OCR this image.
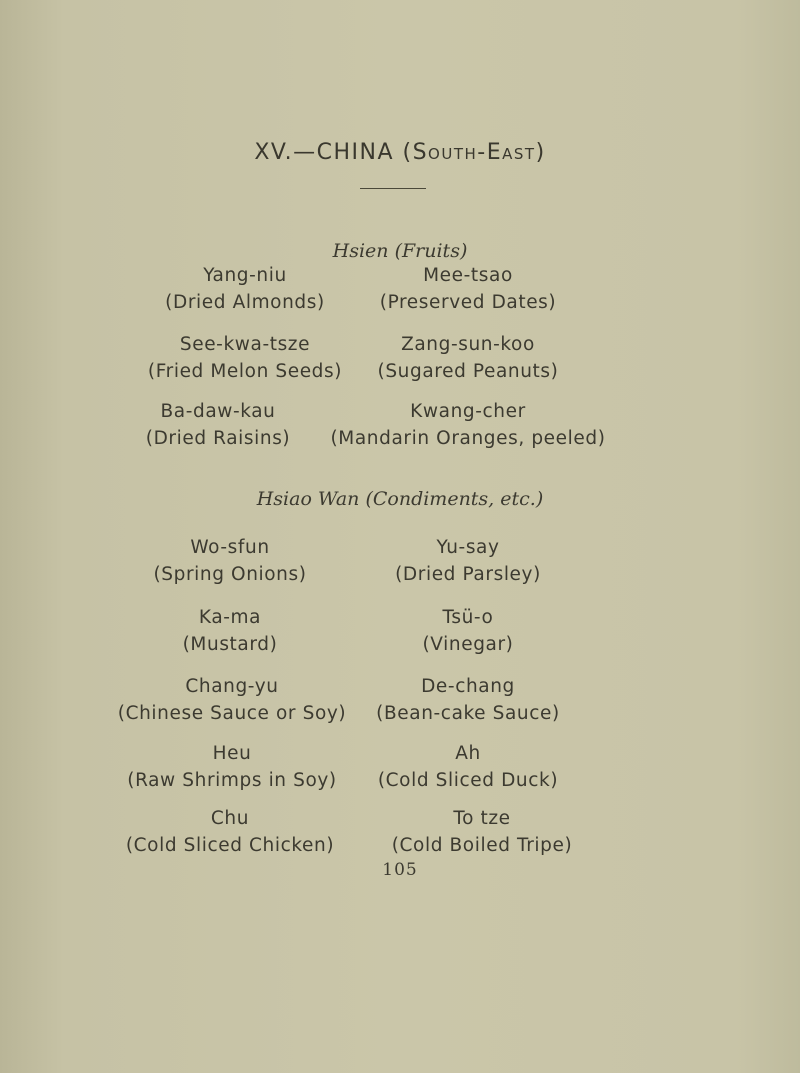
XV.—CHINA (South-East)
Hsien (Fruits)
Yang-niu
(Dried Almonds)
Mee-tsao
(Preserved Dates)
See-kwa-tsze
(Fried Melon Seeds)
Zang-sun-koo
(Sugared Peanuts)
Ba-daw-kau
(Dried Raisins)
Kwang-cher
(Mandarin Oranges, peeled)
Hsiao Wan (Condiments, etc.)
Wo-sfun
(Spring Onions)
Yu-say
(Dried Parsley)
Ka-ma
(Mustard)
Tsü-o
(Vinegar)
Chang-yu
(Chinese Sauce or Soy)
De-chang
(Bean-cake Sauce)
Heu
(Raw Shrimps in Soy)
Ah
(Cold Sliced Duck)
Chu
(Cold Sliced Chicken)
To tze
(Cold Boiled Tripe)
105
